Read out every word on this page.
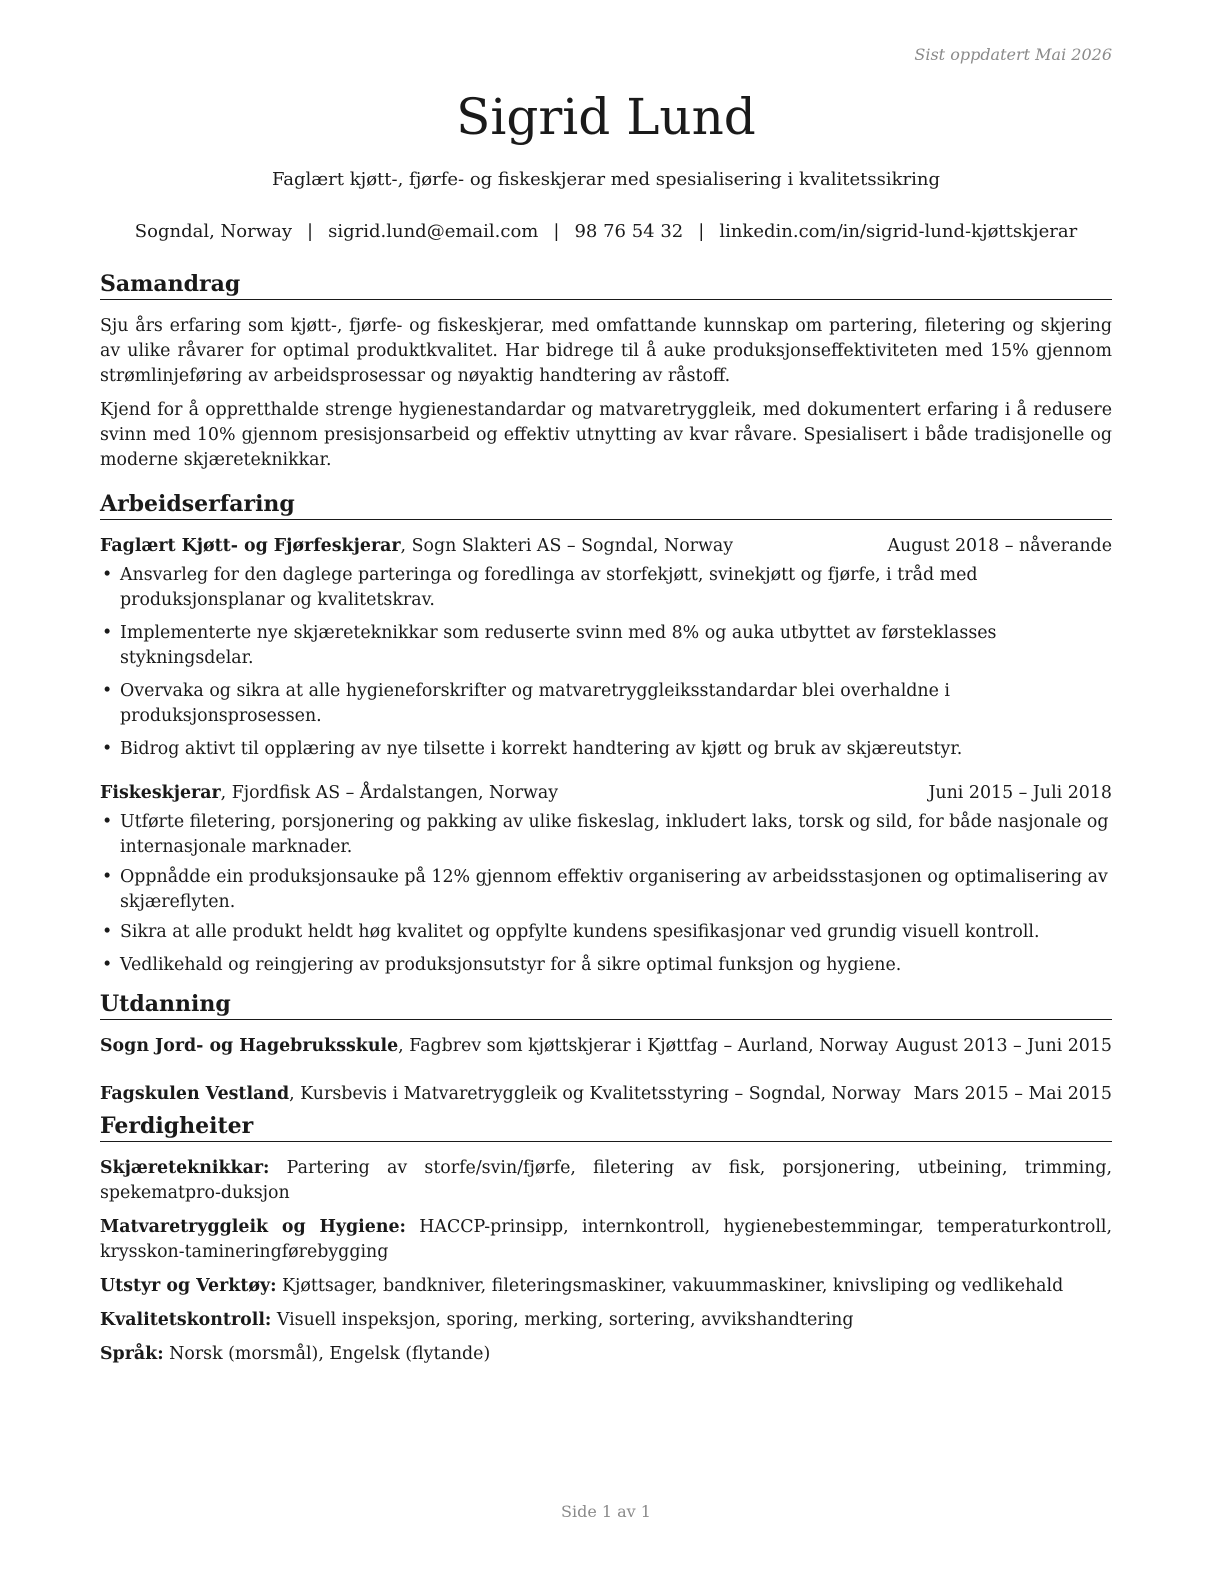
Sist oppdatert Mai 2026
Sigrid Lund
Faglært kjøtt-, fjørfe- og fiskeskjerar med spesialisering i kvalitetssikring
Sogndal, Norway | sigrid.lund@email.com | 98 76 54 32 | linkedin.com/in/sigrid-lund-kjøttskjerar
Samandrag

Sju års erfaring som kjøtt-, fjørfe- og fiskeskjerar, med omfattande kunnskap om partering, filetering og skjering av ulike råvarer for optimal produktkvalitet. Har bidrege til å auke produksjonseffektiviteten med 15% gjennom strømlinjeføring av arbeidsprosessar og nøyaktig handtering av råstoff.

Kjend for å oppretthalde strenge hygienestandardar og matvaretryggleik, med dokumentert erfaring i å redusere svinn med 10% gjennom presisjonsarbeid og effektiv utnytting av kvar råvare. Spesialisert i både tradisjonelle og moderne skjæreteknikkar.

Arbeidserfaring
Faglært Kjøtt- og Fjørfeskjerar, Sogn Slakteri AS – Sogndal, Norway	August 2018 – nåverande
• Ansvarleg for den daglege parteringa og foredlinga av storfekjøtt, svinekjøtt og fjørfe, i tråd med produksjonsplanar og kvalitetskrav.
• Implementerte nye skjæreteknikkar som reduserte svinn med 8% og auka utbyttet av førsteklasses stykningsdelar.
• Overvaka og sikra at alle hygieneforskrifter og matvaretryggleiksstandardar blei overhaldne i produksjonsprosessen.
• Bidrog aktivt til opplæring av nye tilsette i korrekt handtering av kjøtt og bruk av skjæreutstyr.
Fiskeskjerar, Fjordfisk AS – Årdalstangen, Norway	Juni 2015 – Juli 2018
• Utførte filetering, porsjonering og pakking av ulike fiskeslag, inkludert laks, torsk og sild, for både nasjonale og internasjonale marknader.
• Oppnådde ein produksjonsauke på 12% gjennom effektiv organisering av arbeidsstasjonen og optimalisering av skjæreflyten.
• Sikra at alle produkt heldt høg kvalitet og oppfylte kundens spesifikasjonar ved grundig visuell kontroll.
• Vedlikehald og reingjering av produksjonsutstyr for å sikre optimal funksjon og hygiene.
Utdanning
Sogn Jord- og Hagebruksskule, Fagbrev som kjøttskjerar i Kjøttfag – Aurland, Norway August 2013 – Juni 2015
Fagskulen Vestland, Kursbevis i Matvaretryggleik og Kvalitetsstyring – Sogndal, Norway Mars 2015 – Mai 2015
Ferdigheiter
Skjæreteknikkar: Partering av storfe/svin/fjørfe, filetering av fisk, porsjonering, utbeining, trimming, spekematpro-duksjon
Matvaretryggleik og Hygiene: HACCP-prinsipp, internkontroll, hygienebestemmingar, temperaturkontroll, krysskon-tamineringførebygging
Utstyr og Verktøy: Kjøttsager, bandkniver, fileteringsmaskiner, vakuummaskiner, knivsliping og vedlikehald
Kvalitetskontroll: Visuell inspeksjon, sporing, merking, sortering, avvikshandtering
Språk: Norsk (morsmål), Engelsk (flytande)
Side 1 av 1
